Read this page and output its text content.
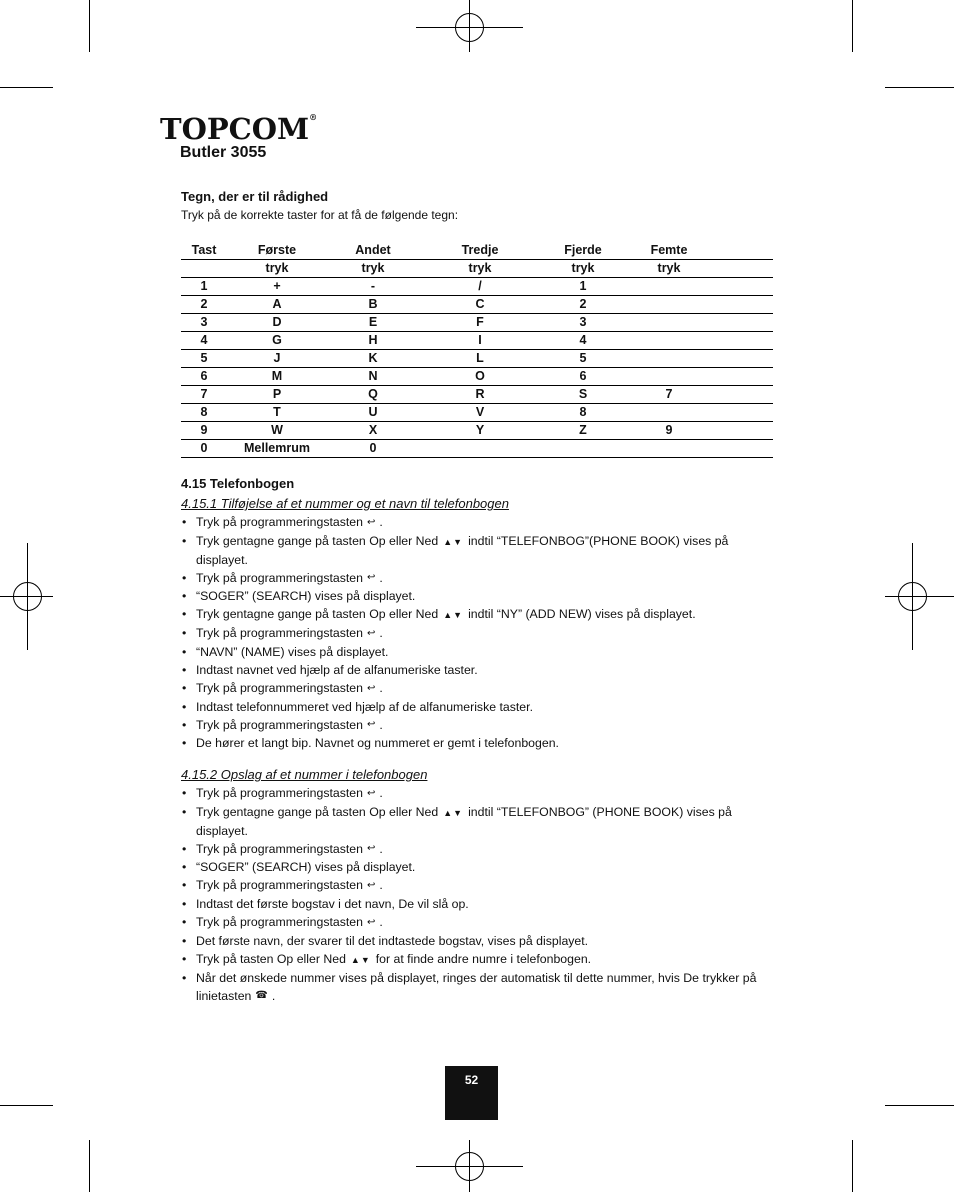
TOPCOM®
Butler 3055

Tegn, der er til rådighed

Tryk på de korrekte taster for at få de følgende tegn:

Tast	Første	Andet	Tredje	Fjerde	Femte
	tryk	tryk	tryk	tryk	tryk
1	+	-	/	1	
2	A	B	C	2	
3	D	E	F	3	
4	G	H	I	4	
5	J	K	L	5	
6	M	N	O	6	
7	P	Q	R	S	7
8	T	U	V	8	
9	W	X	Y	Z	9
0	Mellemrum	0			
4.15 Telefonbogen
4.15.1 Tilføjelse af et nummer og et navn til telefonbogen
• Tryk på programmeringstasten ↩ .
• Tryk gentagne gange på tasten Op eller Ned ▲▼ indtil “TELEFONBOG”(PHONE BOOK) vises på displayet.
• Tryk på programmeringstasten ↩ .
• “SOGER” (SEARCH) vises på displayet.
• Tryk gentagne gange på tasten Op eller Ned ▲▼ indtil “NY” (ADD NEW) vises på displayet.
• Tryk på programmeringstasten ↩ .
• “NAVN” (NAME) vises på displayet.
• Indtast navnet ved hjælp af de alfanumeriske taster.
• Tryk på programmeringstasten ↩ .
• Indtast telefonnummeret ved hjælp af de alfanumeriske taster.
• Tryk på programmeringstasten ↩ .
• De hører et langt bip. Navnet og nummeret er gemt i telefonbogen.
4.15.2 Opslag af et nummer i telefonbogen
• Tryk på programmeringstasten ↩ .
• Tryk gentagne gange på tasten Op eller Ned ▲▼ indtil “TELEFONBOG” (PHONE BOOK) vises på displayet.
• Tryk på programmeringstasten ↩ .
• “SOGER” (SEARCH) vises på displayet.
• Tryk på programmeringstasten ↩ .
• Indtast det første bogstav i det navn, De vil slå op.
• Tryk på programmeringstasten ↩ .
• Det første navn, der svarer til det indtastede bogstav, vises på displayet.
• Tryk på tasten Op eller Ned ▲▼ for at finde andre numre i telefonbogen.
• Når det ønskede nummer vises på displayet, ringes der automatisk til dette nummer, hvis De trykker på linietasten ☎ .
52
